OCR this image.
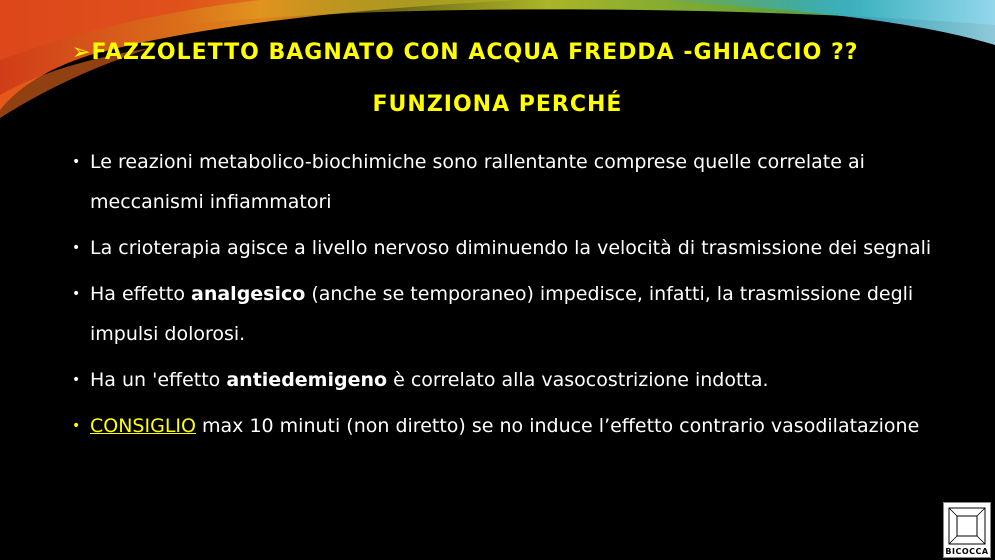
➢FAZZOLETTO BAGNATO CON ACQUA FREDDA -GHIACCIO ??
FUNZIONA PERCHÉ
• Le reazioni metabolico-biochimiche sono rallentante comprese quelle correlate ai meccanismi infiammatori
• La crioterapia agisce a livello nervoso diminuendo la velocità di trasmissione dei segnali
• Ha effetto analgesico (anche se temporaneo) impedisce, infatti, la trasmissione degli impulsi dolorosi.
• Ha un 'effetto antiedemigeno è correlato alla vasocostrizione indotta.
• CONSIGLIO max 10 minuti (non diretto) se no induce l’effetto contrario vasodilatazione
BICOCCA
